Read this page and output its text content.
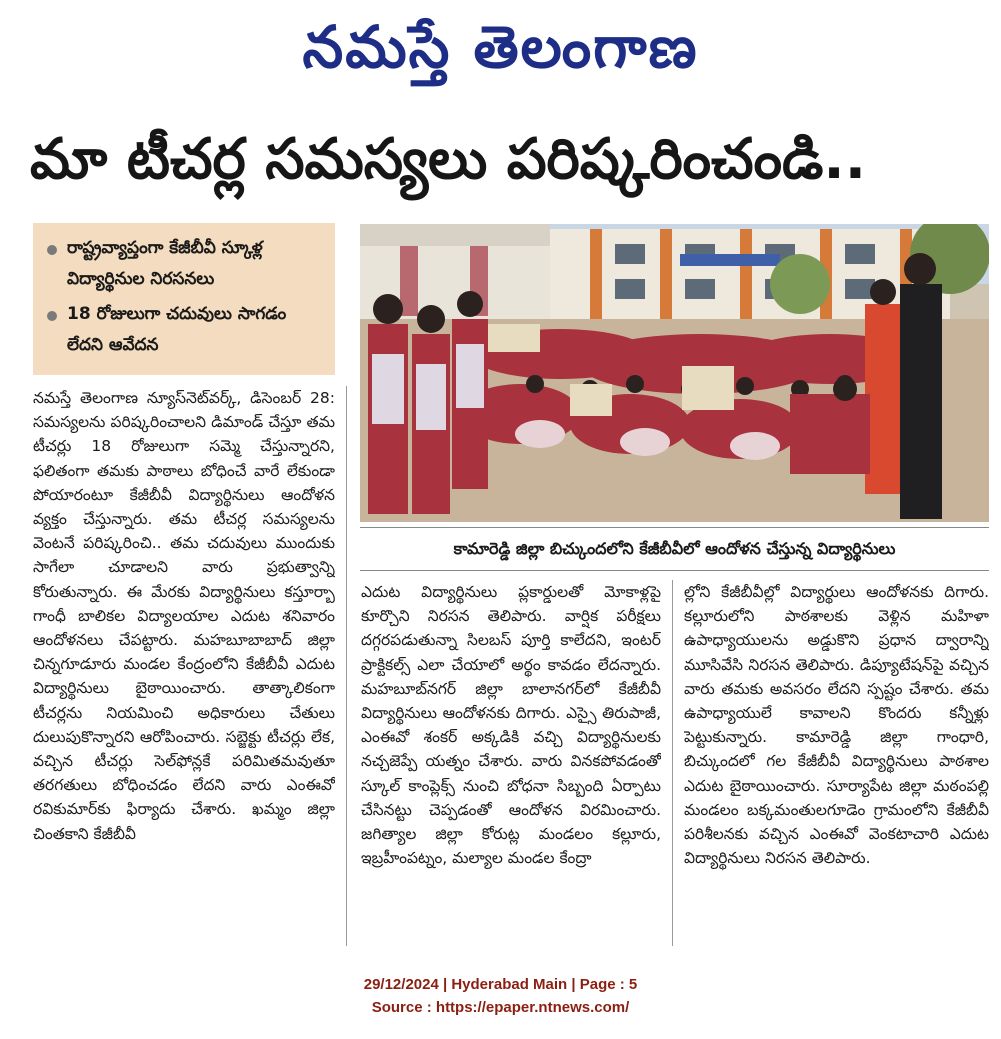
నమస్తే తెలంగాణ
మా టీచర్ల సమస్యలు పరిష్కరించండి..
రాష్ట్రవ్యాప్తంగా కేజీబీవీ స్కూళ్ల విద్యార్థినుల నిరసనలు
18 రోజులుగా చదువులు సాగడం లేదని ఆవేదన
కామారెడ్డి జిల్లా బిచ్కుందలోని కేజీబీవీలో ఆందోళన చేస్తున్న విద్యార్థినులు
నమస్తే తెలంగాణ న్యూస్‌నెట్‌వర్క్, డిసెంబర్ 28: సమస్యలను పరిష్కరించాలని డిమాండ్ చేస్తూ తమ టీచర్లు 18 రోజులుగా సమ్మె చేస్తున్నారని, ఫలితంగా తమకు పాఠాలు బోధించే వారే లేకుండా పోయారంటూ కేజీబీవీ విద్యార్థినులు ఆందోళన వ్యక్తం చేస్తున్నారు. తమ టీచర్ల సమస్యలను వెంటనే పరిష్కరించి.. తమ చదువులు ముందుకు సాగేలా చూడాలని వారు ప్రభుత్వాన్ని కోరుతున్నారు. ఈ మేరకు విద్యార్థినులు కస్తూర్బా గాంధీ బాలికల విద్యాలయాల ఎదుట శనివారం ఆందోళనలు చేపట్టారు. మహబూబాబాద్ జిల్లా చిన్నగూడూరు మండల కేంద్రంలోని కేజీబీవీ ఎదుట విద్యార్థినులు బైఠాయించారు. తాత్కాలికంగా టీచర్లను నియమించి అధికారులు చేతులు దులుపుకొన్నారని ఆరోపించారు. సబ్జెక్టు టీచర్లు లేక, వచ్చిన టీచర్లు సెల్‌ఫోన్లకే పరిమితమవుతూ తరగతులు బోధించడం లేదని వారు ఎంఈవో రవికుమార్‌కు ఫిర్యాదు చేశారు. ఖమ్మం జిల్లా చింతకాని కేజీబీవీ
ఎదుట విద్యార్థినులు ప్లకార్డులతో మోకాళ్లపై కూర్చొని నిరసన తెలిపారు. వార్షిక పరీక్షలు దగ్గరపడుతున్నా సిలబస్ పూర్తి కాలేదని, ఇంటర్ ప్రాక్టికల్స్ ఎలా చేయాలో అర్థం కావడం లేదన్నారు. మహబూబ్‌నగర్ జిల్లా బాలానగర్‌లో కేజీబీవీ విద్యార్థినులు ఆందోళనకు దిగారు. ఎస్సై తిరుపాజీ, ఎంఈవో శంకర్ అక్కడికి వచ్చి విద్యార్థినులకు నచ్చజెప్పే యత్నం చేశారు. వారు వినకపోవడంతో స్కూల్ కాంప్లెక్స్ నుంచి బోధనా సిబ్బంది ఏర్పాటు చేసినట్టు చెప్పడంతో ఆందోళన విరమించారు. జగిత్యాల జిల్లా కోరుట్ల మండలం కల్లూరు, ఇబ్రహీంపట్నం, మల్యాల మండల కేంద్రా
ల్లోని కేజీబీవీల్లో విద్యార్థులు ఆందోళనకు దిగారు. కల్లూరులోని పాఠశాలకు వెళ్లిన మహిళా ఉపాధ్యాయులను అడ్డుకొని ప్రధాన ద్వారాన్ని మూసివేసి నిరసన తెలిపారు. డిప్యూటేషన్‌పై వచ్చిన వారు తమకు అవసరం లేదని స్పష్టం చేశారు. తమ ఉపాధ్యాయులే కావాలని కొందరు కన్నీళ్లు పెట్టుకున్నారు. కామారెడ్డి జిల్లా గాంధారి, బిచ్కుందలో గల కేజీబీవీ విద్యార్థినులు పాఠశాల ఎదుట బైఠాయించారు. సూర్యాపేట జిల్లా మఠంపల్లి మండలం బక్కమంతులగూడెం గ్రామంలోని కేజీబీవీ పరిశీలనకు వచ్చిన ఎంఈవో వెంకటాచారి ఎదుట విద్యార్థినులు నిరసన తెలిపారు.
29/12/2024 | Hyderabad Main | Page : 5
Source : https://epaper.ntnews.com/
